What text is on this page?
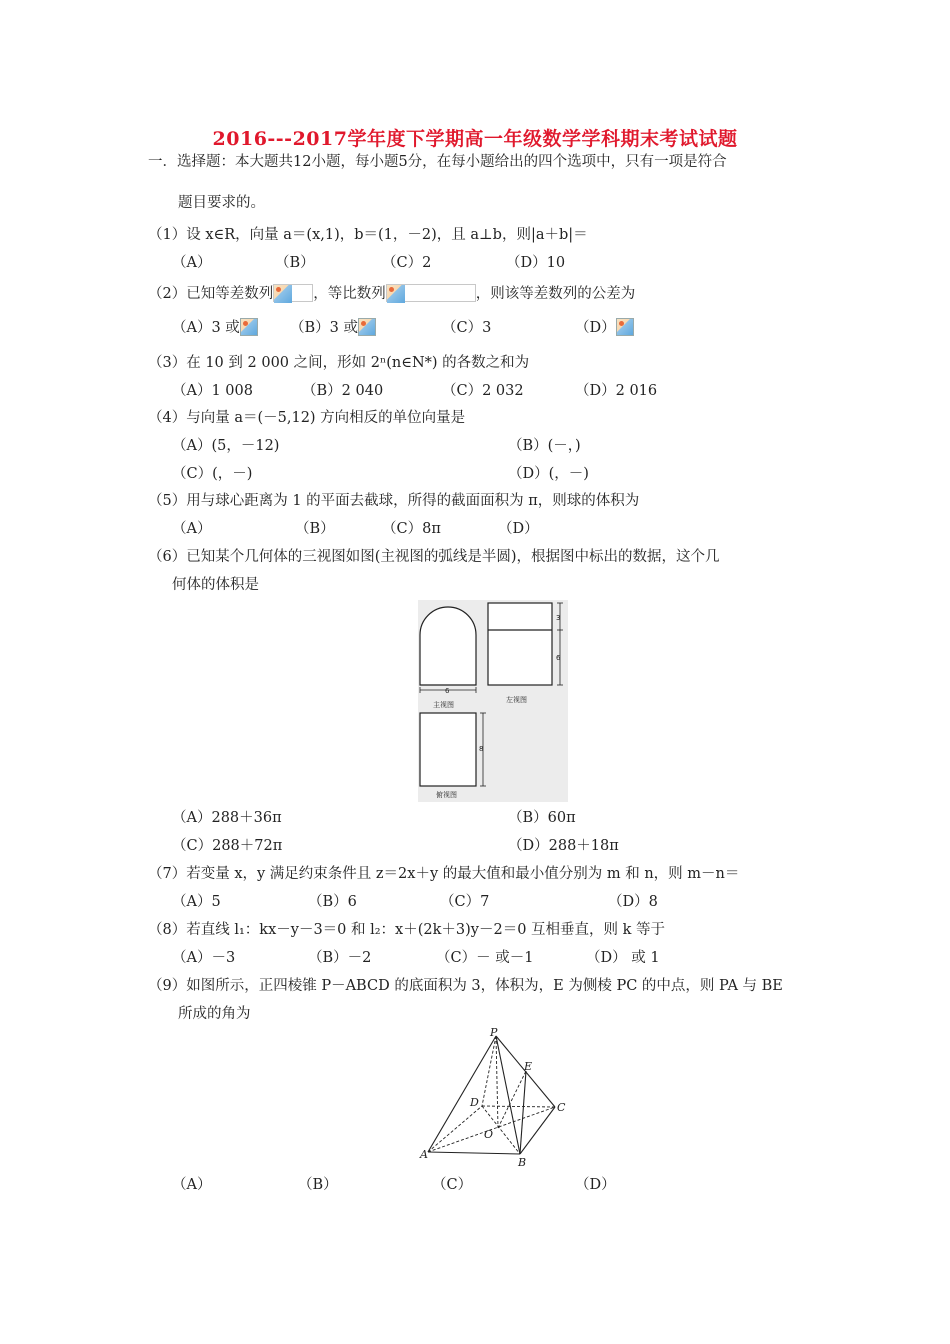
2016---2017学年度下学期高一年级数学学科期末考试试题
一．选择题：本大题共12小题，每小题5分，在每小题给出的四个选项中，只有一项是符合
题目要求的。
（1）设 x∈R，向量 a＝(x,1)，b＝(1，－2)，且 a⊥b，则|a＋b|＝
（A）	（B）	（C）2	（D）10
（2）已知等差数列	，等比数列	，则该等差数列的公差为
（A）3 或	（B）3 或	（C）3	（D）
（3）在 10 到 2 000 之间，形如 2ⁿ(n∈N*) 的各数之和为
（A）1 008	（B）2 040	（C）2 032	（D）2 016
（4）与向量 a＝(－5,12) 方向相反的单位向量是
（A）(5，－12)	（B）(－，)
（C）(，－)	（D）(，－)
（5）用与球心距离为 1 的平面去截球，所得的截面面积为 π，则球的体积为
（A）	（B）	（C）8π	（D）
（6）已知某个几何体的三视图如图(主视图的弧线是半圆)，根据图中标出的数据，这个几
何体的体积是
6
主视图
3
6
左视图
8
俯视图
（A）288＋36π	（B）60π
（C）288＋72π	（D）288＋18π
（7）若变量 x，y 满足约束条件且 z＝2x＋y 的最大值和最小值分别为 m 和 n，则 m－n＝
（A）5	（B）6	（C）7	（D）8
（8）若直线 l₁：kx－y－3＝0 和 l₂：x＋(2k＋3)y－2＝0 互相垂直，则 k 等于
（A）－3	（B）－2	（C）－ 或－1	（D） 或 1
（9）如图所示，正四棱锥 P－ABCD 的底面积为 3，体积为，E 为侧棱 PC 的中点，则 PA 与 BE
所成的角为
P
E
D	C
O
A
B
（A）	（B）	（C）	（D）
